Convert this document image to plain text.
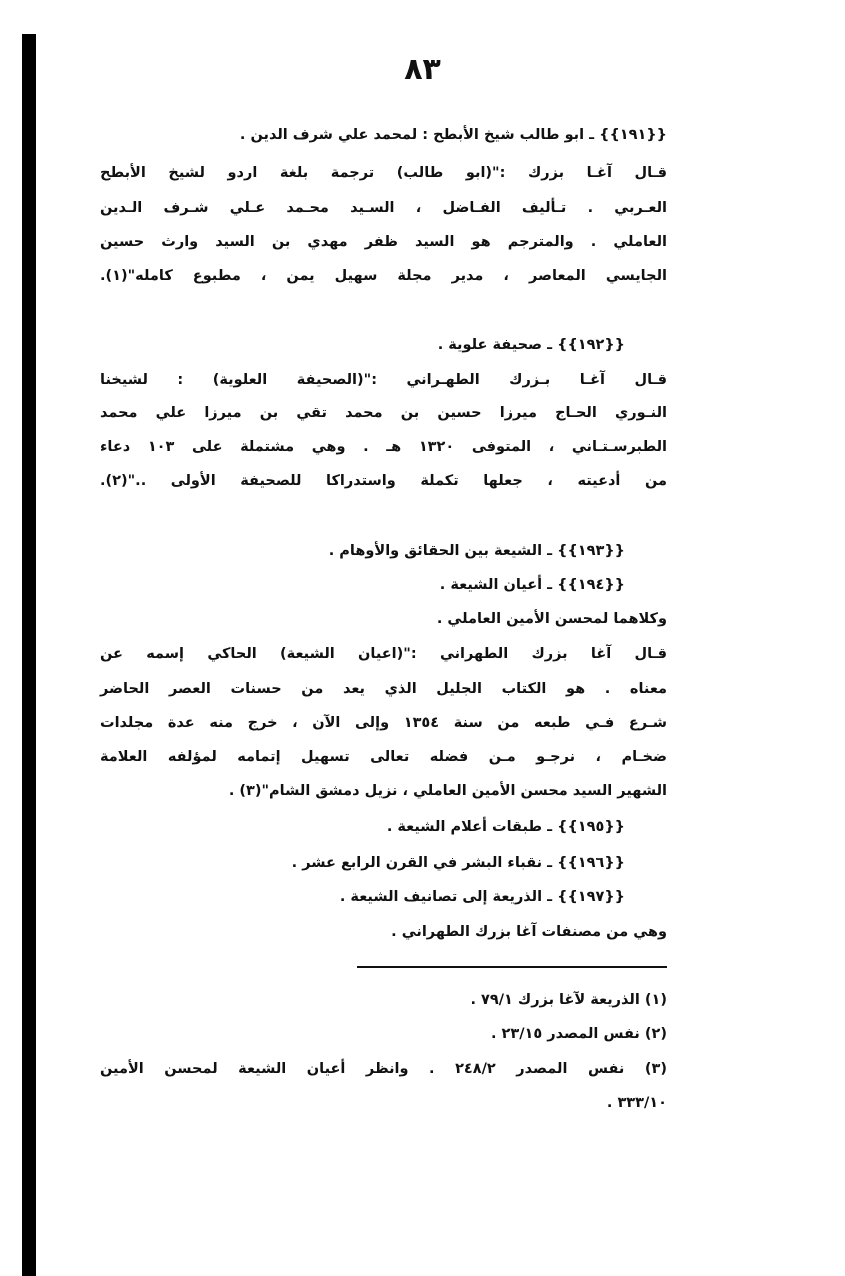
٨٣
{{١٩١}} ـ ابو طالب شيخ الأبطح : لمحمد علي شرف الدين .
قـال آغـا بزرك :"(ابو طالب) ترجمة بلغة اردو لشيخ الأبطح
العـربي . تـأليف الفـاضل ، السـيد محـمد عـلي شـرف الـدين
العاملي . والمترجم هو السيد ظفر مهدي بن السيد وارث حسين
الجايسي المعاصر ، مدير مجلة سهيل يمن ، مطبوع كامله"(١).
{{١٩٢}} ـ صحيفة علوية .
قـال آغـا بـزرك الطهـراني :"(الصحيفة العلوية) : لشيخنا
النـوري الحـاج ميرزا حسين بن محمد تقي بن ميرزا علي محمد
الطبرسـتـاني ، المتوفى ١٣٢٠ هـ . وهي مشتملة على ١٠٣ دعاء
من أدعيته ، جعلها تكملة واستدراكا للصحيفة الأولى .."(٢).
{{١٩٣}} ـ الشيعة بين الحقائق والأوهام .
{{١٩٤}} ـ أعيان الشيعة .
وكلاهما لمحسن الأمين العاملي .
قـال آغا بزرك الطهراني :"(اعيان الشيعة) الحاكي إسمه عن
معناه . هو الكتاب الجليل الذي يعد من حسنات العصر الحاضر
شـرع فـي طبعه من سنة ١٣٥٤ وإلى الآن ، خرج منه عدة مجلدات
ضخـام ، نرجـو مـن فضله تعالى تسهيل إتمامه لمؤلفه العلامة
الشهير السيد محسن الأمين العاملي ، نزيل دمشق الشام"(٣) .
{{١٩٥}} ـ طبقات أعلام الشيعة .
{{١٩٦}} ـ نقباء البشر في القرن الرابع عشر .
{{١٩٧}} ـ الذريعة إلى تصانيف الشيعة .
وهي من مصنفات آغا بزرك الطهراني .
(١) الذريعة لآغا بزرك ٧٩/١ .
(٢) نفس المصدر ٢٣/١٥ .
(٣) نفس المصدر ٢٤٨/٢ . وانظر أعيان الشيعة لمحسن الأمين
٣٣٣/١٠ .
